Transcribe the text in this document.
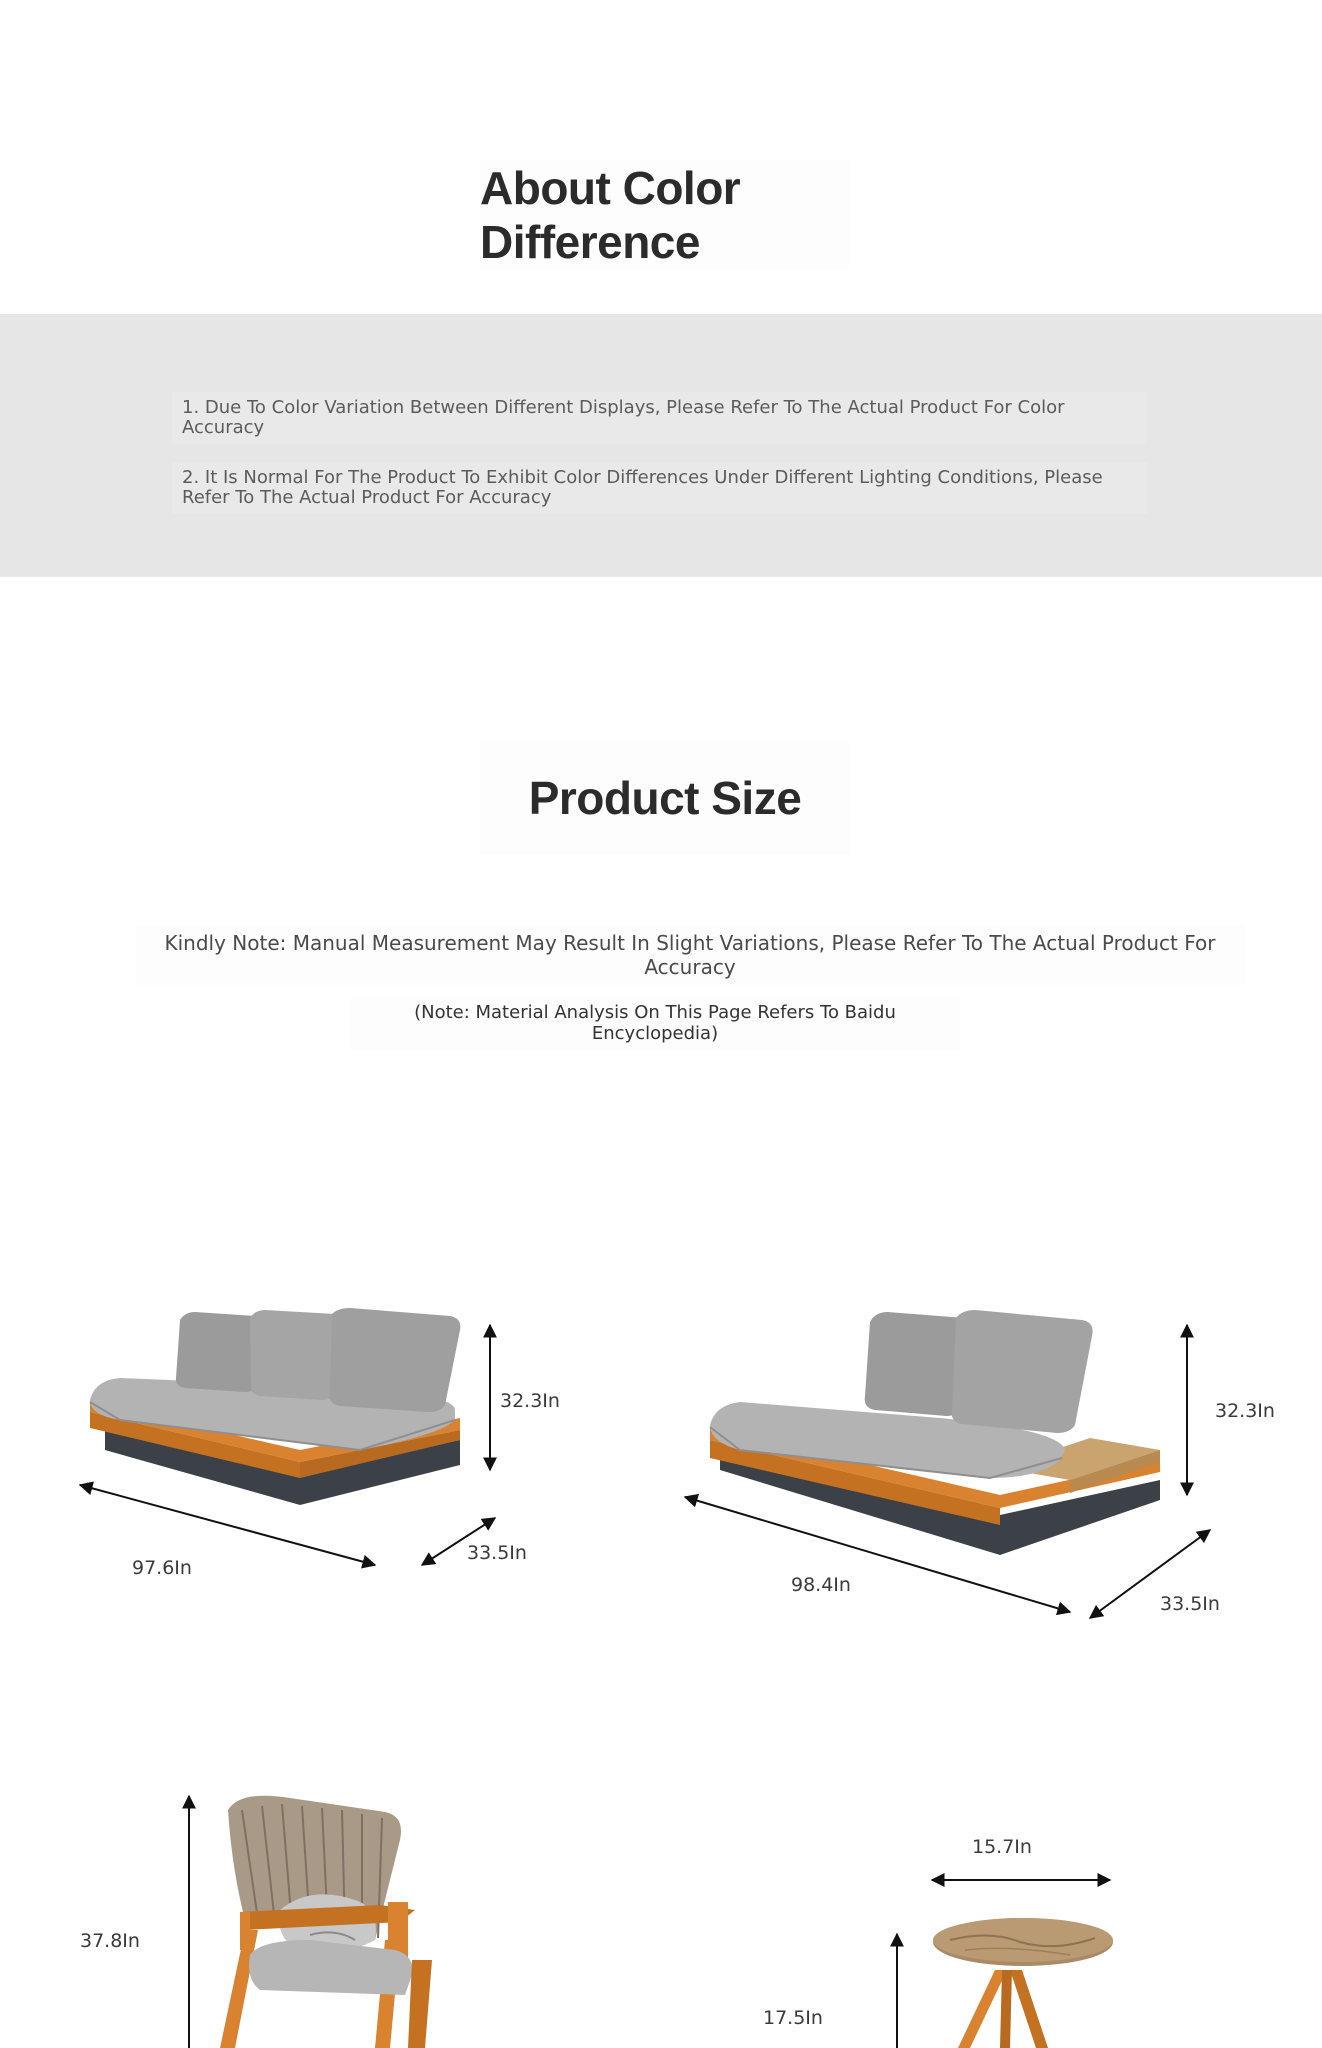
About Color Difference
1. Due To Color Variation Between Different Displays, Please Refer To The Actual Product For Color Accuracy
2. It Is Normal For The Product To Exhibit Color Differences Under Different Lighting Conditions, Please Refer To The Actual Product For Accuracy
Product Size
Kindly Note: Manual Measurement May Result In Slight Variations, Please Refer To The Actual Product For Accuracy
(Note: Material Analysis On This Page Refers To Baidu Encyclopedia)
32.3In
97.6In
33.5In
32.3In
98.4In
33.5In
37.8In
15.7In
17.5In
